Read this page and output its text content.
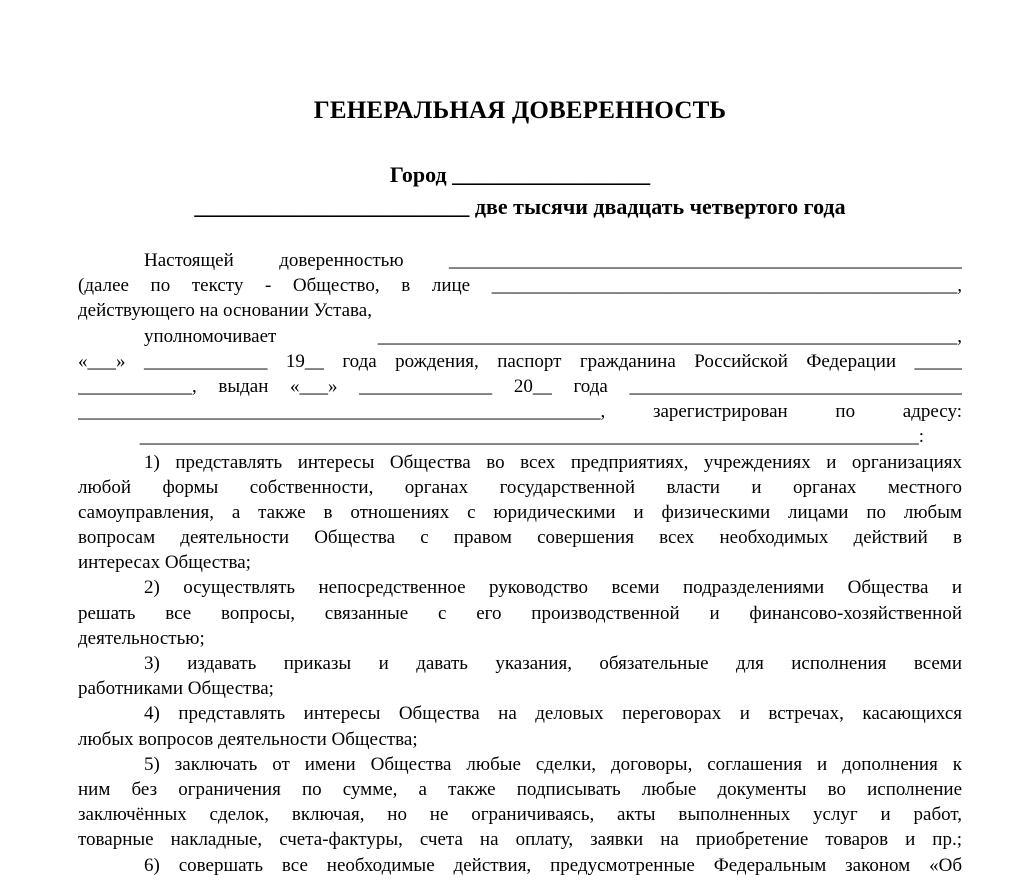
ГЕНЕРАЛЬНАЯ ДОВЕРЕННОСТЬ
Город __________________
_________________________ две тысячи двадцать четвертого года
Настоящей доверенностью ______________________________________________________
(далее по тексту - Общество, в лице _________________________________________________,
действующего на основании Устава,
уполномочивает _____________________________________________________________,
«___» _____________ 19__ года рождения, паспорт гражданина Российской Федерации _____
____________, выдан «___» ______________ 20__ года ___________________________________
_______________________________________________________, зарегистрирован по адресу:
__________________________________________________________________________________:
1) представлять интересы Общества во всех предприятиях, учреждениях и организациях
любой формы собственности, органах государственной власти и органах местного
самоуправления, а также в отношениях с юридическими и физическими лицами по любым
вопросам деятельности Общества с правом совершения всех необходимых действий в
интересах Общества;
2) осуществлять непосредственное руководство всеми подразделениями Общества и
решать все вопросы, связанные с его производственной и финансово-хозяйственной
деятельностью;
3) издавать приказы и давать указания, обязательные для исполнения всеми
работниками Общества;
4) представлять интересы Общества на деловых переговорах и встречах, касающихся
любых вопросов деятельности Общества;
5) заключать от имени Общества любые сделки, договоры, соглашения и дополнения к
ним без ограничения по сумме, а также подписывать любые документы во исполнение
заключённых сделок, включая, но не ограничиваясь, акты выполненных услуг и работ,
товарные накладные, счета-фактуры, счета на оплату, заявки на приобретение товаров и пр.;
6) совершать все необходимые действия, предусмотренные Федеральным законом «Об
